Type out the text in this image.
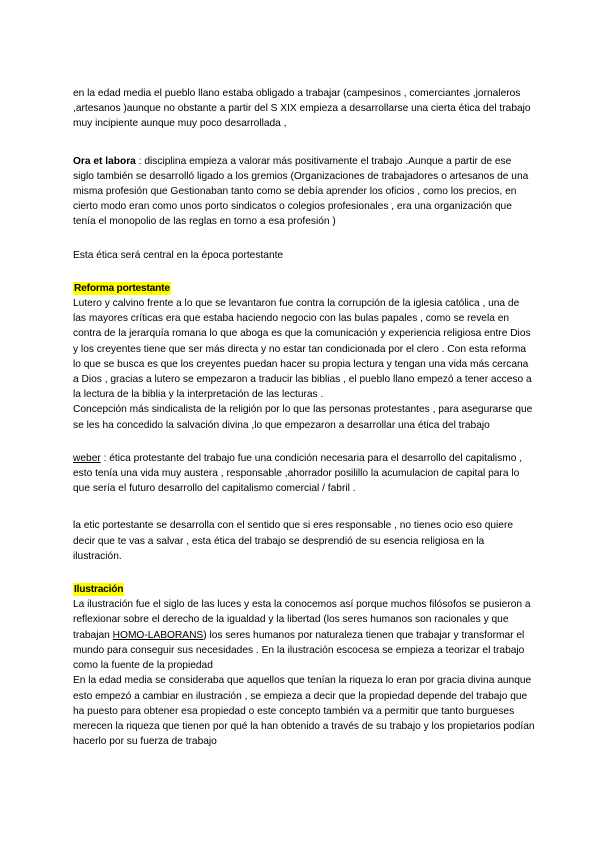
en la edad media el pueblo llano estaba obligado a trabajar (campesinos , comerciantes ,jornaleros ,artesanos )aunque no obstante a partir del S XIX empieza a desarrollarse una cierta ética del trabajo muy incipiente aunque muy poco desarrollada ,

Ora et labora : disciplina empieza a valorar más positivamente el trabajo .Aunque a partir de ese siglo también se desarrolló ligado a los gremios (Organizaciones de trabajadores o artesanos de una misma profesión que Gestionaban tanto como se debía aprender los oficios , como los precios, en cierto modo eran como unos porto sindicatos o colegios profesionales , era una organización que tenía el monopolio de las reglas en torno a esa profesión )

Esta ética será central en la época portestante

Reforma portestante

Lutero y calvino frente a lo que se levantaron fue contra la corrupción de la iglesia católica , una de las mayores críticas era que estaba haciendo negocio con las bulas papales , como se revela en contra de la jerarquía romana lo que aboga es que la comunicación y experiencia religiosa entre Dios y los creyentes tiene que ser más directa y no estar tan condicionada por el clero . Con esta reforma lo que se busca es que los creyentes puedan hacer su propia lectura y tengan una vida más cercana a Dios , gracias a lutero se empezaron a traducir las biblias , el pueblo llano empezó a tener acceso a la lectura de la biblia y la interpretación de las lecturas .

Concepción más sindicalista de la religión por lo que las personas protestantes , para asegurarse que se les ha concedido la salvación divina ,lo que empezaron a desarrollar una ética del trabajo

weber : ética protestante del trabajo fue una condición necesaria para el desarrollo del capitalismo , esto tenía una vida muy austera , responsable ,ahorrador posilillo la acumulacion de capital para lo que sería el futuro desarrollo del capitalismo comercial / fabril .

la etic portestante se desarrolla con el sentido que si eres responsable , no tienes ocio eso quiere decir que te vas a salvar , esta ética del trabajo se desprendió de su esencia religiosa en la ilustración.

Ilustración

La ilustración fue el siglo de las luces y esta la conocemos así porque muchos filósofos se pusieron a reflexionar sobre el derecho de la igualdad y la libertad (los seres humanos son racionales y que trabajan HOMO-LABORANS) los seres humanos por naturaleza tienen que trabajar y transformar el mundo para conseguir sus necesidades . En la ilustración escocesa se empieza a teorizar el trabajo como la fuente de la propiedad

En la edad media se consideraba que aquellos que tenían la riqueza lo eran por gracia divina aunque esto empezó a cambiar en ilustración , se empieza a decir que la propiedad depende del trabajo que ha puesto para obtener esa propiedad o este concepto también va a permitir que tanto burgueses merecen la riqueza que tienen por qué la han obtenido a través de su trabajo y los propietarios podían hacerlo por su fuerza de trabajo
